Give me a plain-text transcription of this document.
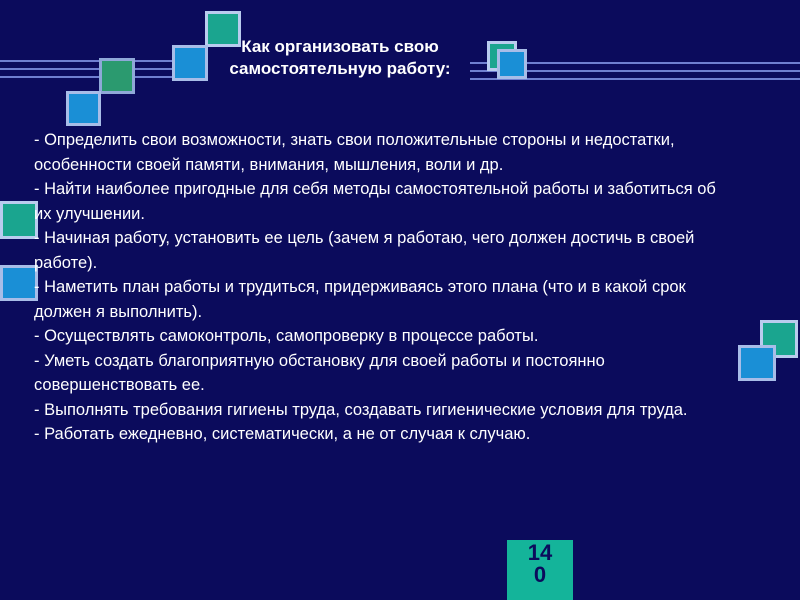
Как организовать свою
самостоятельную работу:

- Определить свои возможности, знать свои положительные стороны и недостатки, особенности своей памяти, внимания, мышления, воли и др.

- Найти наиболее пригодные для себя методы самостоятельной работы и заботиться об их улучшении.

- Начиная работу, установить ее цель (зачем я работаю, чего должен достичь в своей работе).

- Наметить план работы и трудиться, придерживаясь этого плана (что и в какой срок должен я выполнить).

- Осуществлять самоконтроль, самопроверку в процессе работы.

- Уметь создать благоприятную обстановку для своей работы и постоянно совершенствовать ее.

- Выполнять требования гигиены труда, создавать гигиенические условия для труда.

- Работать ежедневно, систематически, а не от случая к случаю.

14
0
